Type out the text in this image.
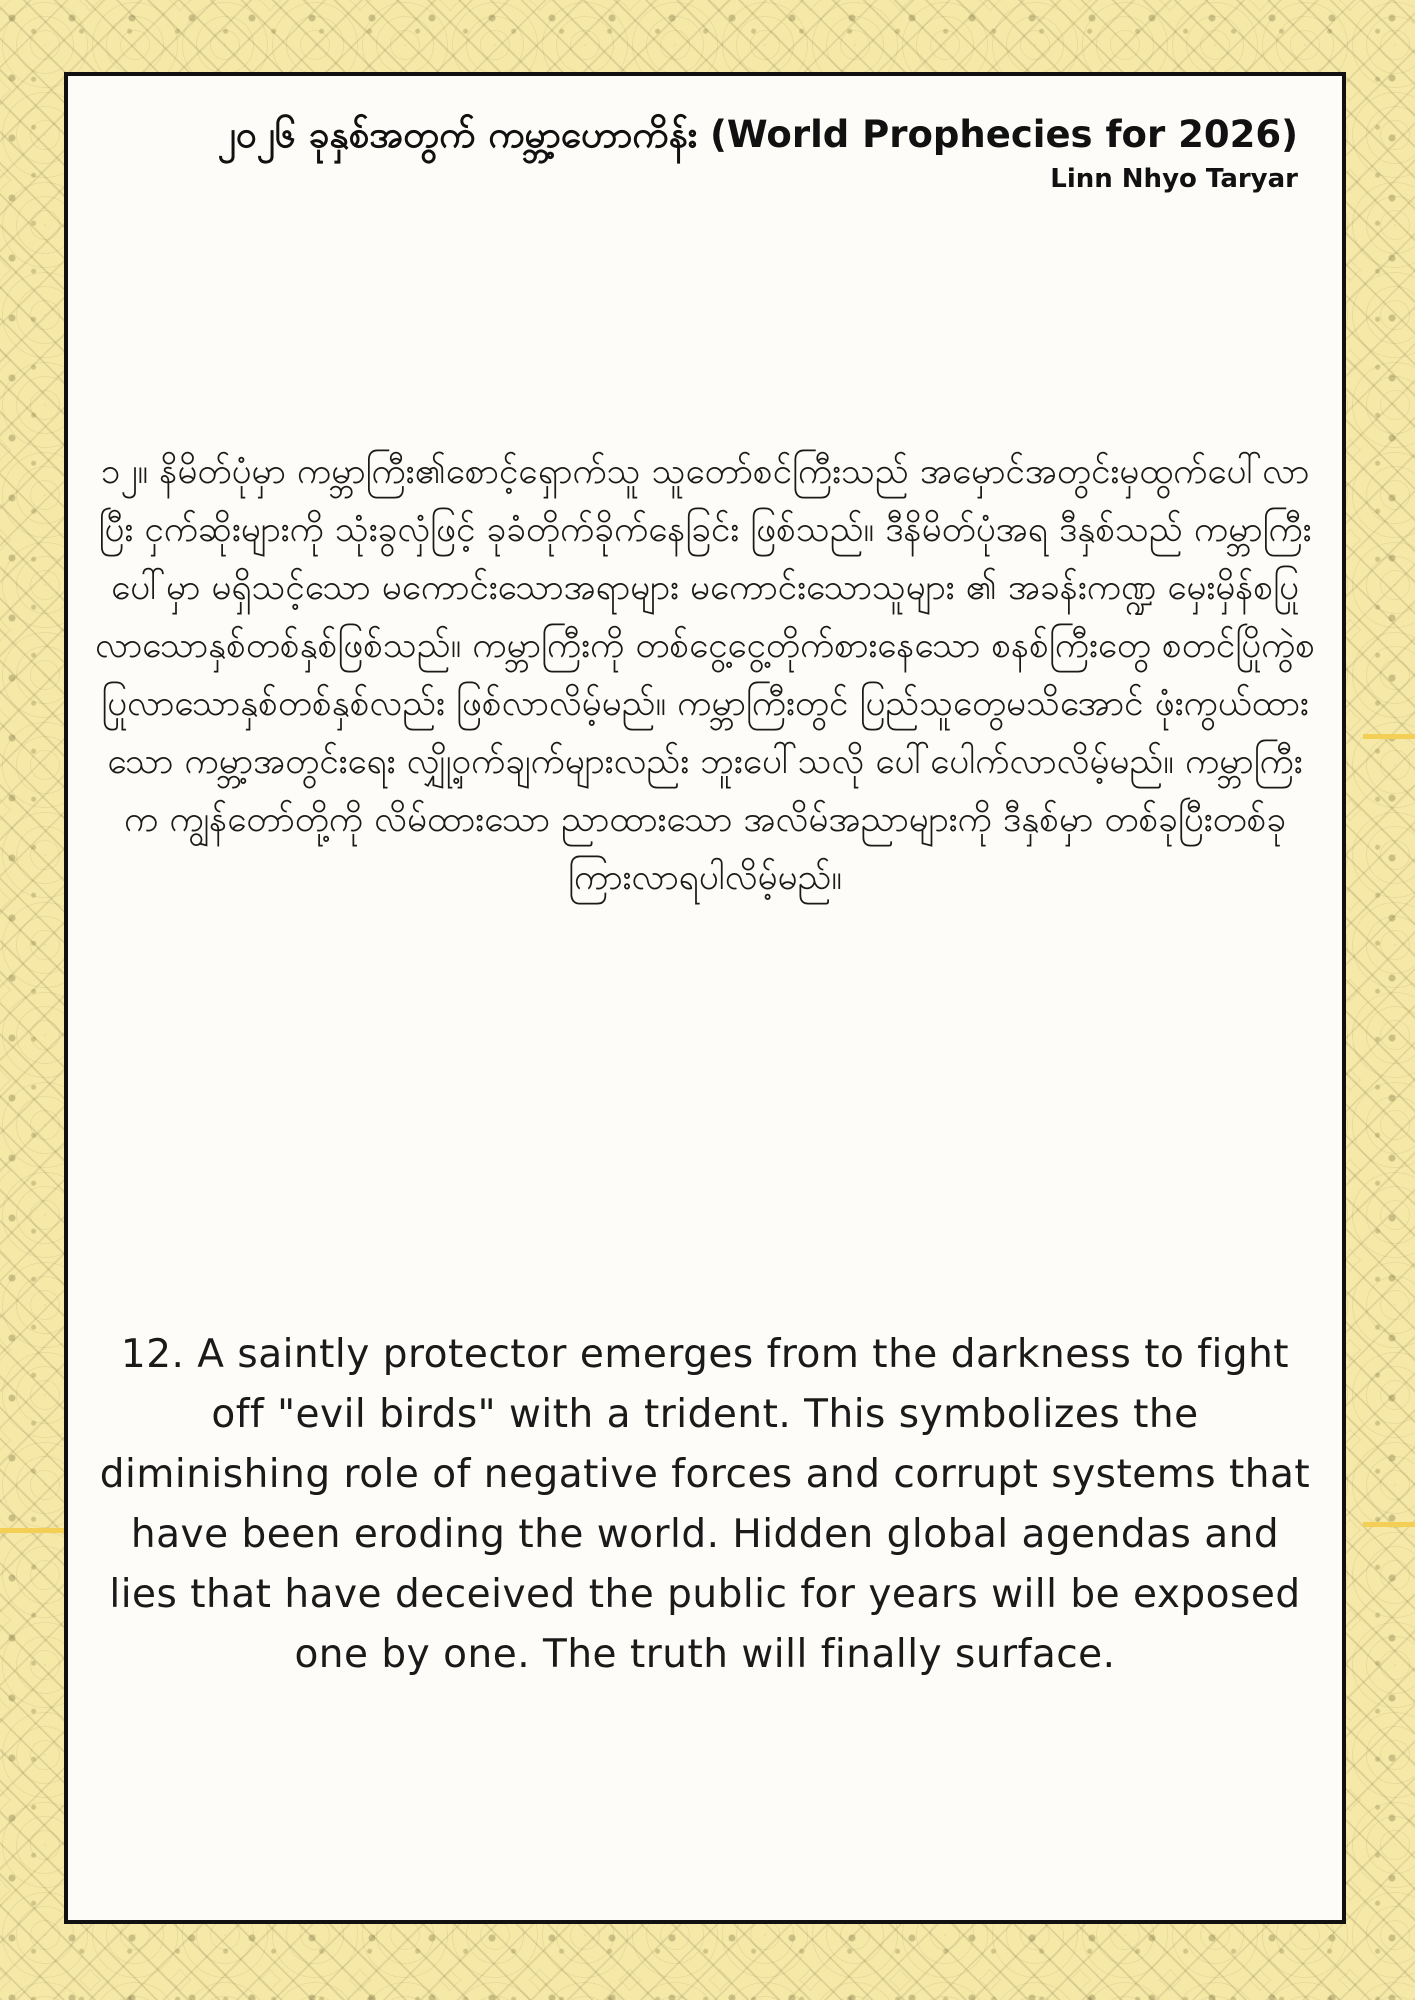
၂၀၂၆ ခုနှစ်အတွက် ကမ္ဘာ့ဟောကိန်း (World Prophecies for 2026)
Linn Nhyo Taryar

၁၂။ နိမိတ်ပုံမှာ ကမ္ဘာကြီး၏စောင့်ရှောက်သူ သူတော်စင်ကြီးသည် အမှောင်အတွင်းမှထွက်ပေါ်လာပြီး ငှက်ဆိုးများကို သုံးခွလှံဖြင့် ခုခံတိုက်ခိုက်နေခြင်း ဖြစ်သည်။ ဒီနိမိတ်ပုံအရ ဒီနှစ်သည် ကမ္ဘာကြီးပေါ်မှာ မရှိသင့်သော မကောင်းသောအရာများ မကောင်းသောသူများ ၏ အခန်းကဏ္ဍ မှေးမှိန်စပြုလာသောနှစ်တစ်နှစ်ဖြစ်သည်။ ကမ္ဘာကြီးကို တစ်ငွေ့ငွေ့တိုက်စားနေသော စနစ်ကြီးတွေ စတင်ပြိုကွဲစပြုလာသောနှစ်တစ်နှစ်လည်း ဖြစ်လာလိမ့်မည်။ ကမ္ဘာကြီးတွင် ပြည်သူတွေမသိအောင် ဖုံးကွယ်ထားသော ကမ္ဘာ့အတွင်းရေး လျှို့ဝှက်ချက်များလည်း ဘူးပေါ်သလို ပေါ်ပေါက်လာလိမ့်မည်။ ကမ္ဘာကြီးက ကျွန်တော်တို့ကို လိမ်ထားသော ညာထားသော အလိမ်အညာများကို ဒီနှစ်မှာ တစ်ခုပြီးတစ်ခု ကြားလာရပါလိမ့်မည်။

12. A saintly protector emerges from the darkness to fight off "evil birds" with a trident. This symbolizes the diminishing role of negative forces and corrupt systems that have been eroding the world. Hidden global agendas and lies that have deceived the public for years will be exposed one by one. The truth will finally surface.
